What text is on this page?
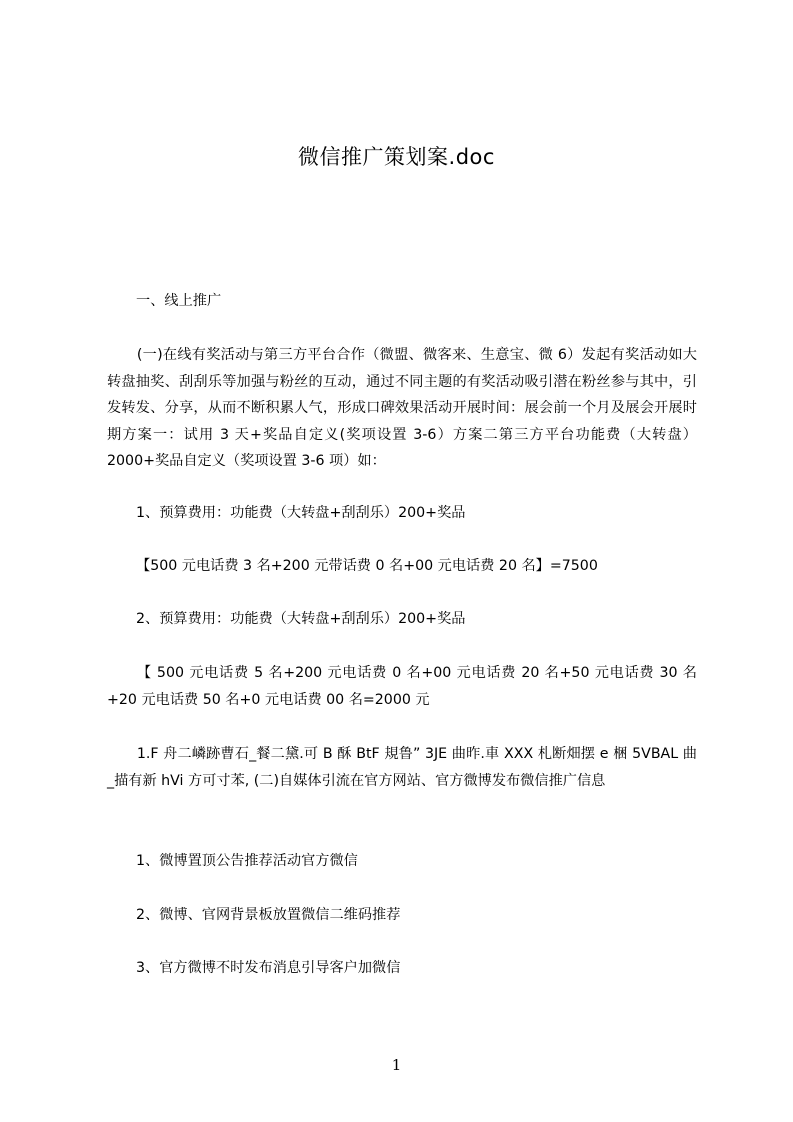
微信推广策划案.doc

一、线上推广

(一)在线有奖活动与第三方平台合作（微盟、微客来、生意宝、微 6）发起有奖活动如大转盘抽奖、刮刮乐等加强与粉丝的互动，通过不同主题的有奖活动吸引潜在粉丝参与其中，引发转发、分享，从而不断积累人气，形成口碑效果活动开展时间：展会前一个月及展会开展时期方案一：试用 3 天+奖品自定义(奖项设置 3-6）方案二第三方平台功能费（大转盘）2000+奖品自定义（奖项设置 3-6 项）如：

1、预算费用：功能费（大转盘+刮刮乐）200+奖品

【500 元电话费 3 名+200 元带话费 0 名+00 元电话费 20 名】=7500

2、预算费用：功能费（大转盘+刮刮乐）200+奖品

【 500 元电话费 5 名+200 元电话费 0 名+00 元电话费 20 名+50 元电话费 30 名+20 元电话费 50 名+0 元电话费 00 名=2000 元

1.F 舟二嶙跡曹石_餐二黛.可 B 酥 BtF 規鲁” 3JE 曲昨.車 XXX 札断畑摆 e 梱 5VBAL 曲_描有新 hVi 方可寸苯, (二)自媒体引流在官方网站、官方微博发布微信推广信息

1、微博置顶公告推荐活动官方微信

2、微博、官网背景板放置微信二维码推荐

3、官方微博不时发布消息引导客户加微信

1
